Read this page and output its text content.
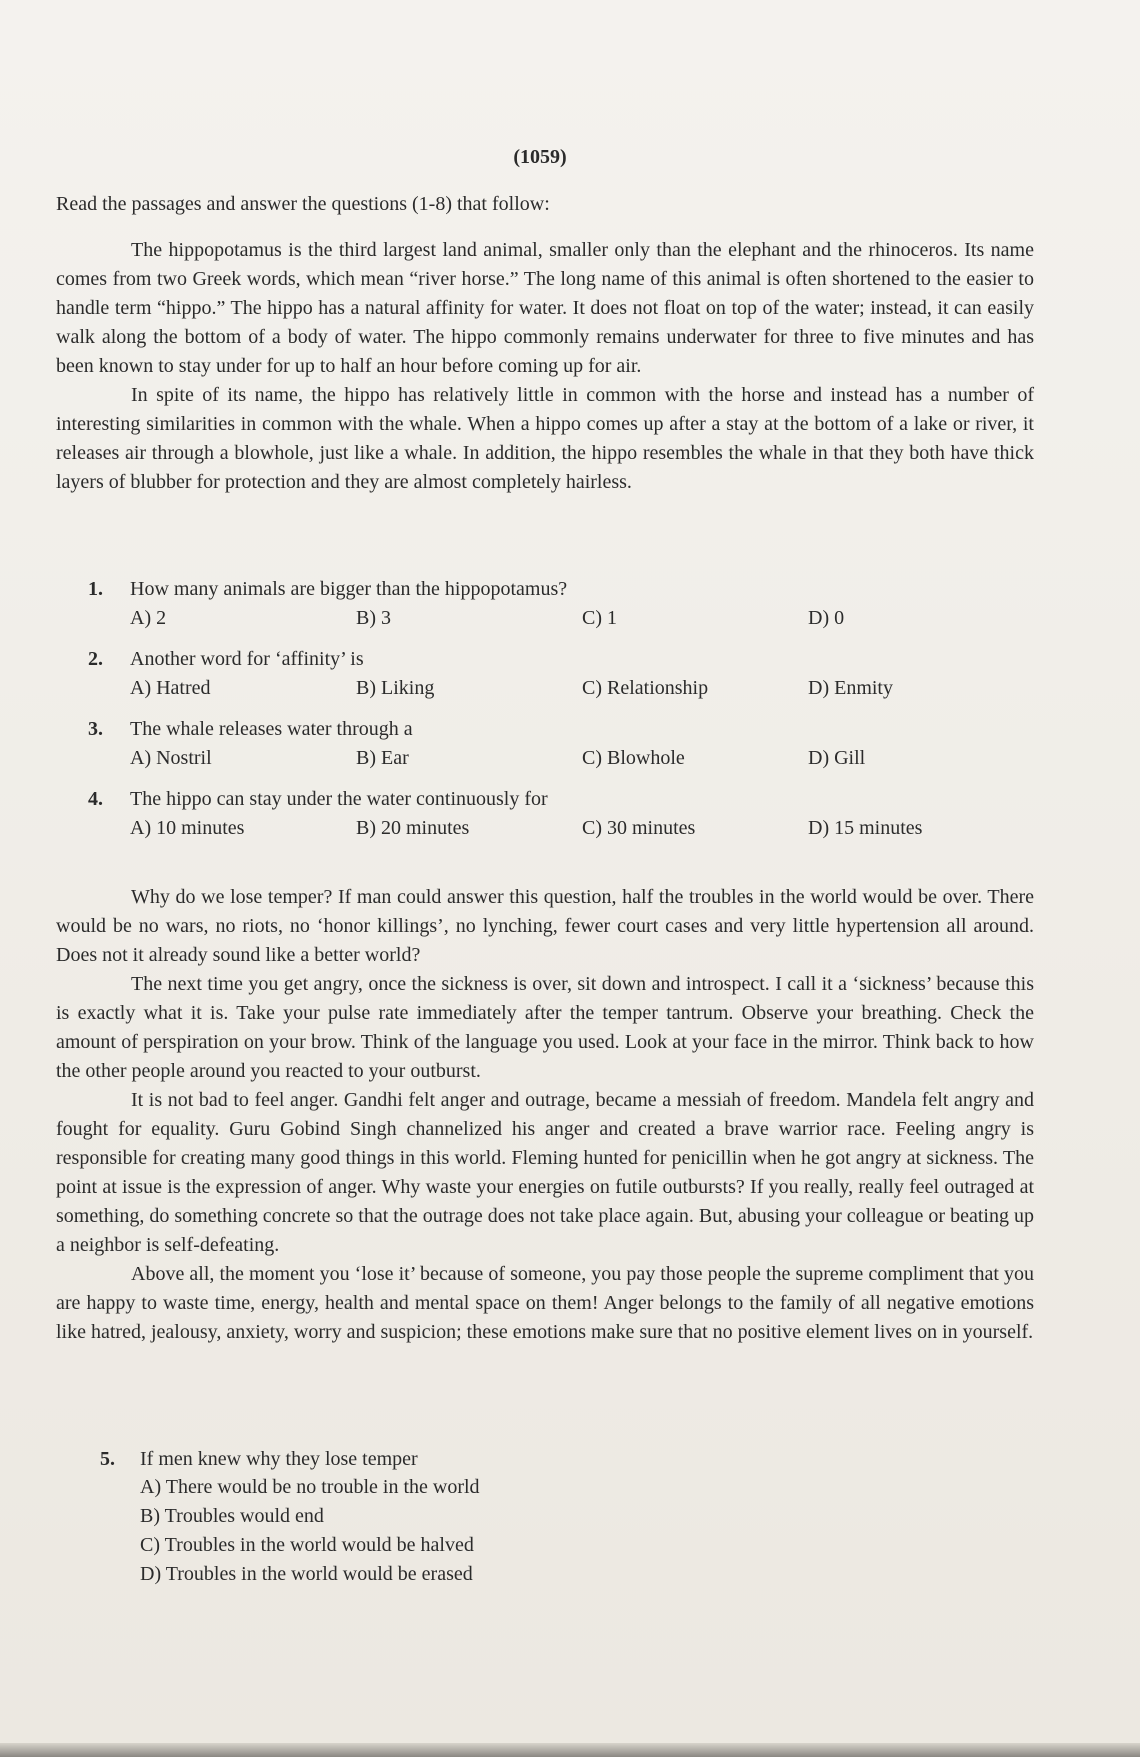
(1059)
Read the passages and answer the questions (1-8) that follow:

The hippopotamus is the third largest land animal, smaller only than the elephant and the rhinoceros. Its name comes from two Greek words, which mean “river horse.” The long name of this animal is often shortened to the easier to handle term “hippo.” The hippo has a natural affinity for water. It does not float on top of the water; instead, it can easily walk along the bottom of a body of water. The hippo commonly remains underwater for three to five minutes and has been known to stay under for up to half an hour before coming up for air.

In spite of its name, the hippo has relatively little in common with the horse and instead has a number of interesting similarities in common with the whale. When a hippo comes up after a stay at the bottom of a lake or river, it releases air through a blowhole, just like a whale. In addition, the hippo resembles the whale in that they both have thick layers of blubber for protection and they are almost completely hairless.

1. How many animals are bigger than the hippopotamus?
A) 2	B) 3	C) 1	D) 0
2. Another word for ‘affinity’ is
A) Hatred	B) Liking	C) Relationship	D) Enmity
3. The whale releases water through a
A) Nostril	B) Ear	C) Blowhole	D) Gill
4. The hippo can stay under the water continuously for
A) 10 minutes	B) 20 minutes	C) 30 minutes	D) 15 minutes

Why do we lose temper? If man could answer this question, half the troubles in the world would be over. There would be no wars, no riots, no ‘honor killings’, no lynching, fewer court cases and very little hypertension all around. Does not it already sound like a better world?

The next time you get angry, once the sickness is over, sit down and introspect. I call it a ‘sickness’ because this is exactly what it is. Take your pulse rate immediately after the temper tantrum. Observe your breathing. Check the amount of perspiration on your brow. Think of the language you used. Look at your face in the mirror. Think back to how the other people around you reacted to your outburst.

It is not bad to feel anger. Gandhi felt anger and outrage, became a messiah of freedom. Mandela felt angry and fought for equality. Guru Gobind Singh channelized his anger and created a brave warrior race. Feeling angry is responsible for creating many good things in this world. Fleming hunted for penicillin when he got angry at sickness. The point at issue is the expression of anger. Why waste your energies on futile outbursts? If you really, really feel outraged at something, do something concrete so that the outrage does not take place again. But, abusing your colleague or beating up a neighbor is self-defeating.

Above all, the moment you ‘lose it’ because of someone, you pay those people the supreme compliment that you are happy to waste time, energy, health and mental space on them! Anger belongs to the family of all negative emotions like hatred, jealousy, anxiety, worry and suspicion; these emotions make sure that no positive element lives on in yourself.

5. If men knew why they lose temper
A) There would be no trouble in the world
B) Troubles would end
C) Troubles in the world would be halved
D) Troubles in the world would be erased
